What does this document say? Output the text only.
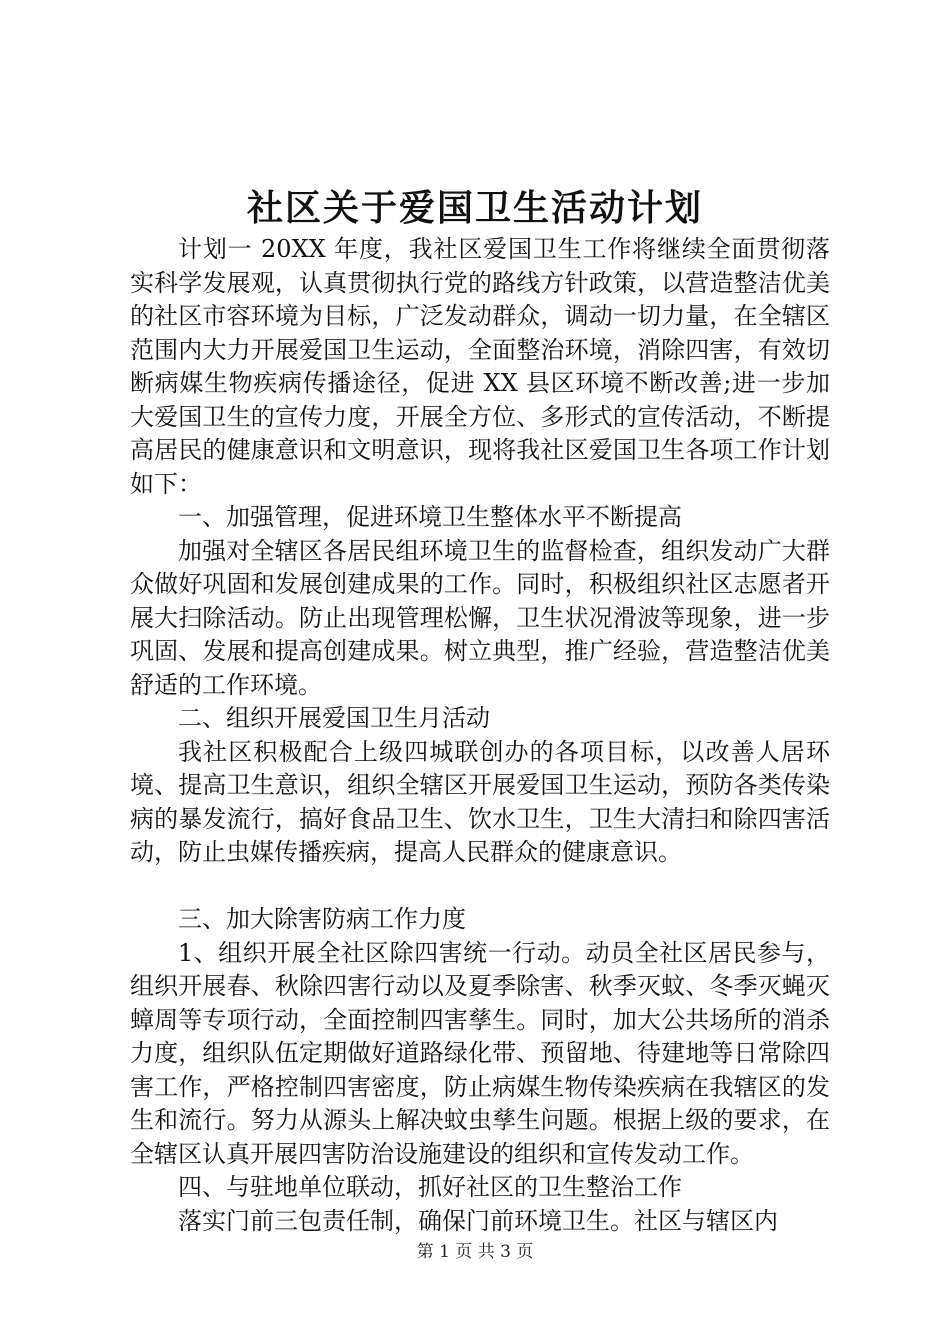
社区关于爱国卫生活动计划

计划一 20XX 年度，我社区爱国卫生工作将继续全面贯彻落实科学发展观，认真贯彻执行党的路线方针政策，以营造整洁优美的社区市容环境为目标，广泛发动群众，调动一切力量，在全辖区范围内大力开展爱国卫生运动，全面整治环境，消除四害，有效切断病媒生物疾病传播途径，促进 XX 县区环境不断改善;进一步加大爱国卫生的宣传力度，开展全方位、多形式的宣传活动，不断提高居民的健康意识和文明意识，现将我社区爱国卫生各项工作计划如下：

一、加强管理，促进环境卫生整体水平不断提高

加强对全辖区各居民组环境卫生的监督检查，组织发动广大群众做好巩固和发展创建成果的工作。同时，积极组织社区志愿者开展大扫除活动。防止出现管理松懈，卫生状况滑波等现象，进一步巩固、发展和提高创建成果。树立典型，推广经验，营造整洁优美舒适的工作环境。

二、组织开展爱国卫生月活动

我社区积极配合上级四城联创办的各项目标，以改善人居环境、提高卫生意识，组织全辖区开展爱国卫生运动，预防各类传染病的暴发流行，搞好食品卫生、饮水卫生，卫生大清扫和除四害活动，防止虫媒传播疾病，提高人民群众的健康意识。

三、加大除害防病工作力度

1、组织开展全社区除四害统一行动。动员全社区居民参与，组织开展春、秋除四害行动以及夏季除害、秋季灭蚊、冬季灭蝇灭蟑周等专项行动，全面控制四害孳生。同时，加大公共场所的消杀力度，组织队伍定期做好道路绿化带、预留地、待建地等日常除四害工作，严格控制四害密度，防止病媒生物传染疾病在我辖区的发生和流行。努力从源头上解决蚊虫孳生问题。根据上级的要求，在全辖区认真开展四害防治设施建设的组织和宣传发动工作。

四、与驻地单位联动，抓好社区的卫生整治工作

落实门前三包责任制，确保门前环境卫生。社区与辖区内

第 1 页 共 3 页
